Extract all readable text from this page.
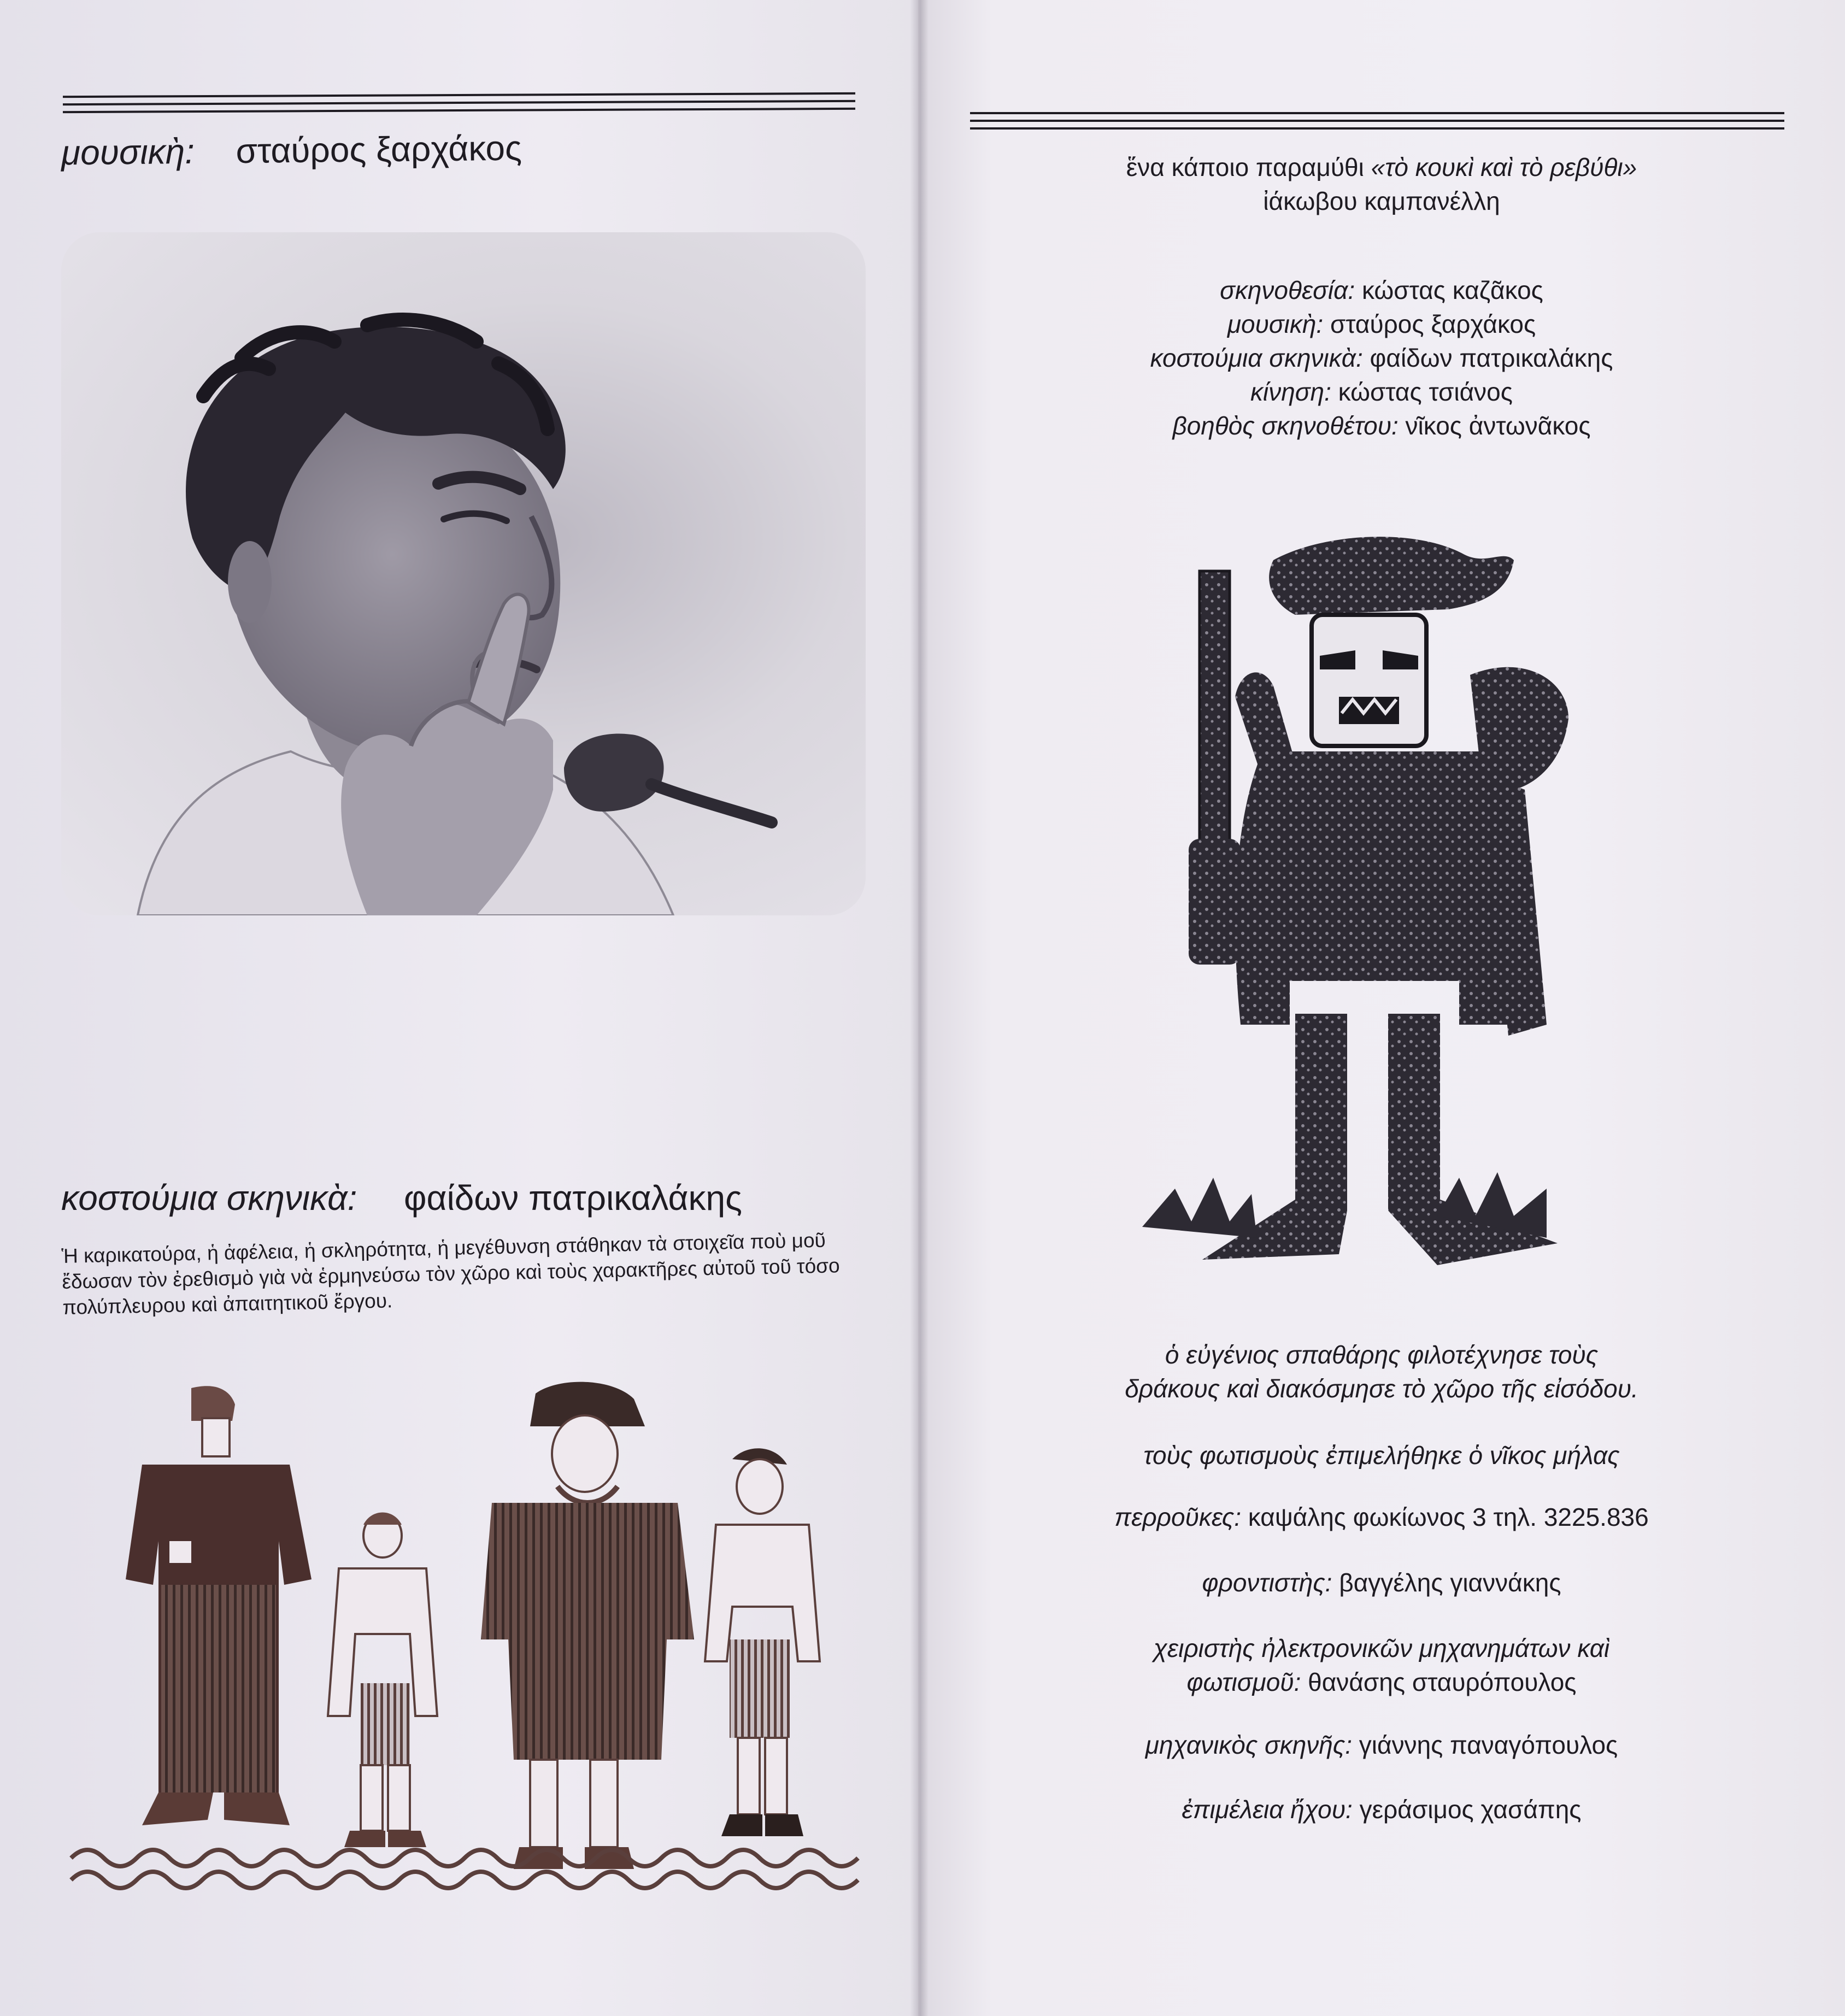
μουσικὴ: σταύρος ξαρχάκος
κοστούμια σκηνικὰ: φαίδων πατρικαλάκης
Ἡ καρικατούρα, ἡ ἀφέλεια, ἡ σκληρότητα, ἡ μεγέθυνση στάθηκαν τὰ στοιχεῖα ποὺ μοῦ ἔδωσαν τὸν ἐρεθισμὸ γιὰ νὰ ἑρμηνεύσω τὸν χῶρο καὶ τοὺς χαρακτῆρες αὐτοῦ τοῦ τόσο πολύπλευρου καὶ ἀπαιτητικοῦ ἔργου.
ἕνα κάποιο παραμύθι «τὸ κουκὶ καὶ τὸ ρεβύθι»
ἰάκωβου καμπανέλλη
σκηνοθεσία: κώστας καζᾶκος
μουσικὴ: σταύρος ξαρχάκος
κοστούμια σκηνικὰ: φαίδων πατρικαλάκης
κίνηση: κώστας τσιάνος
βοηθὸς σκηνοθέτου: νῖκος ἀντωνᾶκος
ὁ εὐγένιος σπαθάρης φιλοτέχνησε τοὺς
δράκους καὶ διακόσμησε τὸ χῶρο τῆς εἰσόδου.
τοὺς φωτισμοὺς ἐπιμελήθηκε ὁ νῖκος μήλας
περροῦκες: καψάλης φωκίωνος 3 τηλ. 3225.836
φροντιστὴς: βαγγέλης γιαννάκης
χειριστὴς ἠλεκτρονικῶν μηχανημάτων καὶ
φωτισμοῦ: θανάσης σταυρόπουλος
μηχανικὸς σκηνῆς: γιάννης παναγόπουλος
ἐπιμέλεια ἤχου: γεράσιμος χασάπης
